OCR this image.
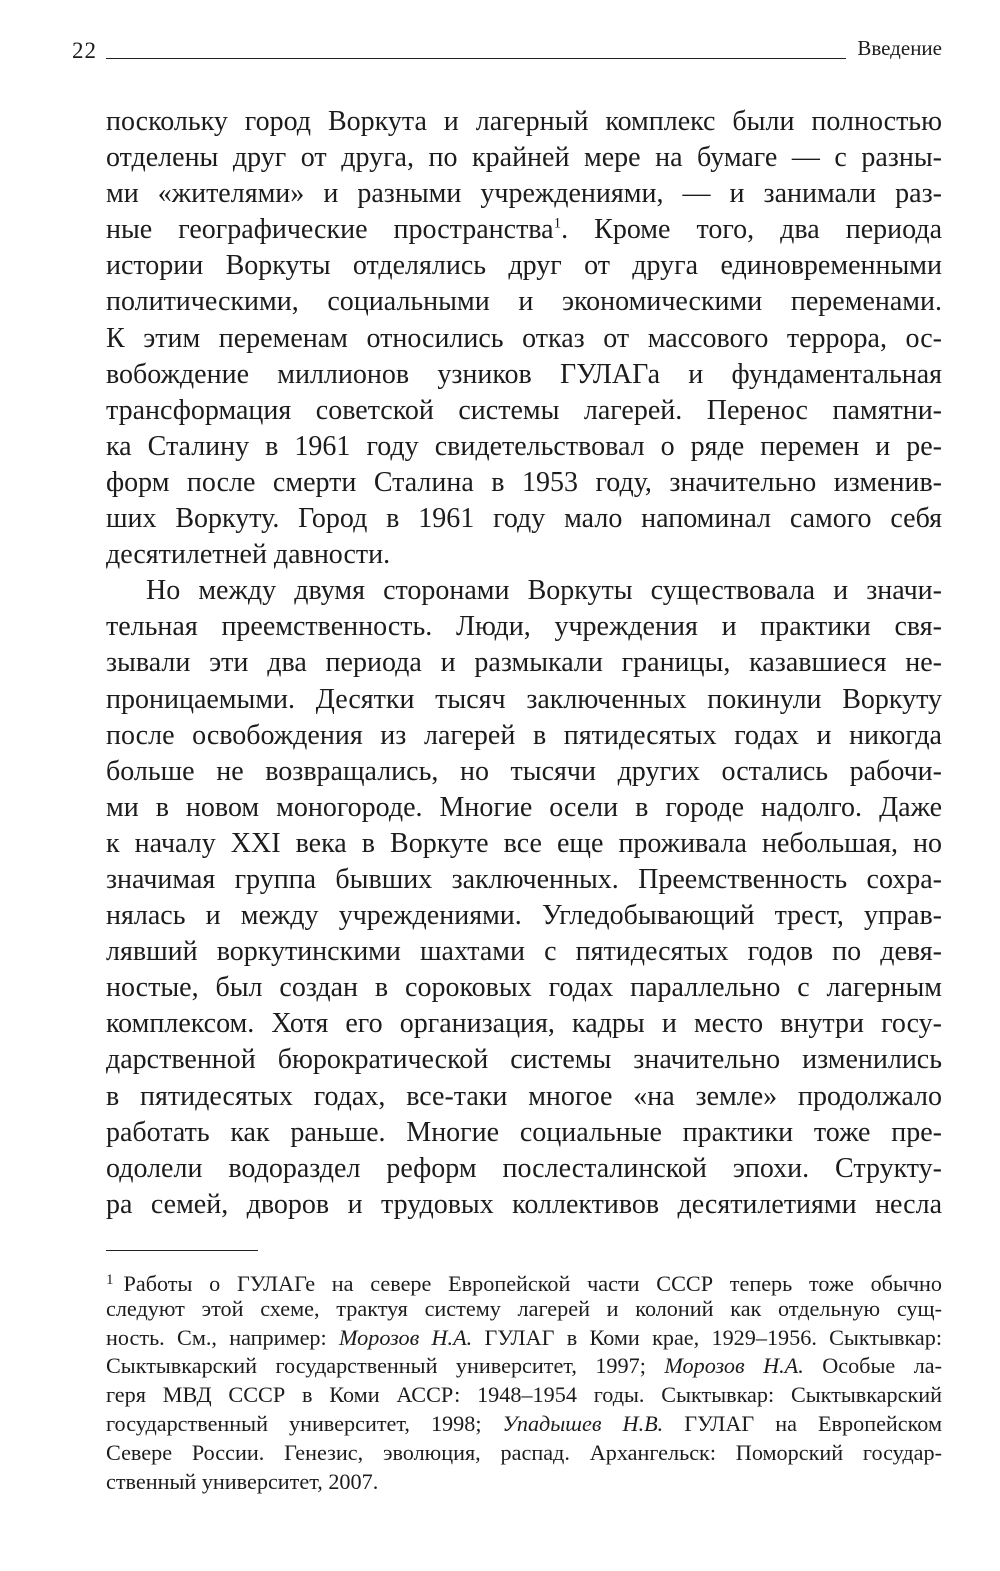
22	Введение
поскольку город Воркута и лагерный комплекс были полностью
отделены друг от друга, по крайней мере на бумаге — с разны-
ми «жителями» и разными учреждениями, — и занимали раз-
ные географические пространства$^1$. Кроме того, два периода
истории Воркуты отделялись друг от друга единовременными
политическими, социальными и экономическими переменами.
К этим переменам относились отказ от массового террора, ос-
вобождение миллионов узников ГУЛАГа и фундаментальная
трансформация советской системы лагерей. Перенос памятни-
ка Сталину в 1961 году свидетельствовал о ряде перемен и ре-
форм после смерти Сталина в 1953 году, значительно изменив-
ших Воркуту. Город в 1961 году мало напоминал самого себя
десятилетней давности.
Но между двумя сторонами Воркуты существовала и значи-
тельная преемственность. Люди, учреждения и практики свя-
зывали эти два периода и размыкали границы, казавшиеся не-
проницаемыми. Десятки тысяч заключенных покинули Воркуту
после освобождения из лагерей в пятидесятых годах и никогда
больше не возвращались, но тысячи других остались рабочи-
ми в новом моногороде. Многие осели в городе надолго. Даже
к началу XXI века в Воркуте все еще проживала небольшая, но
значимая группа бывших заключенных. Преемственность сохра-
нялась и между учреждениями. Угледобывающий трест, управ-
лявший воркутинскими шахтами с пятидесятых годов по девя-
ностые, был создан в сороковых годах параллельно с лагерным
комплексом. Хотя его организация, кадры и место внутри госу-
дарственной бюрократической системы значительно изменились
в пятидесятых годах, все-таки многое «на земле» продолжало
работать как раньше. Многие социальные практики тоже пре-
одолели водораздел реформ послесталинской эпохи. Структу-
ра семей, дворов и трудовых коллективов десятилетиями несла
$^1$ Работы о ГУЛАГе на севере Европейской части СССР теперь тоже обычно
следуют этой схеме, трактуя систему лагерей и колоний как отдельную сущ-
ность. См., например: Морозов Н.А. ГУЛАГ в Коми крае, 1929–1956. Сыктывкар:
Сыктывкарский государственный университет, 1997; Морозов Н.А. Особые ла-
геря МВД СССР в Коми АССР: 1948–1954 годы. Сыктывкар: Сыктывкарский
государственный университет, 1998; Упадышев Н.В. ГУЛАГ на Европейском
Севере России. Генезис, эволюция, распад. Архангельск: Поморский государ-
ственный университет, 2007.
